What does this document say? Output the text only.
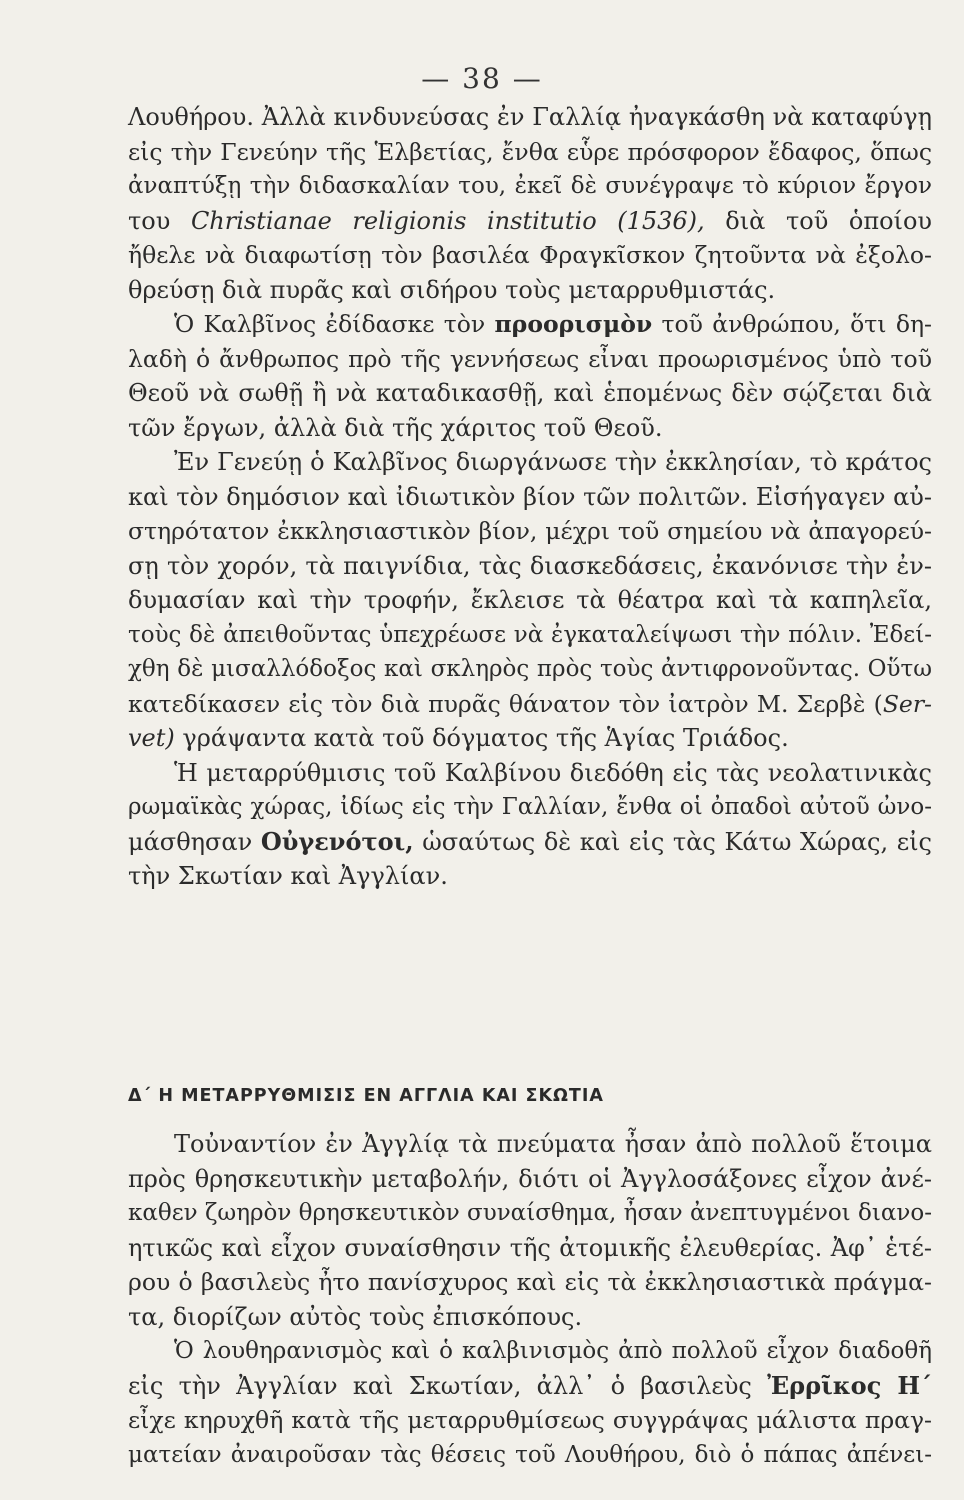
— 38 —
Λουθήρου. Ἀλλὰ κινδυνεύσας ἐν Γαλλίᾳ ἠναγκάσθη νὰ καταφύγῃ
εἰς τὴν Γενεύην τῆς Ἑλβετίας, ἔνθα εὗρε πρόσφορον ἔδαφος, ὅπως
ἀναπτύξῃ τὴν διδασκαλίαν του, ἐκεῖ δὲ συνέγραψε τὸ κύριον ἔργον
του Christianae religionis institutio (1536), διὰ τοῦ ὁποίου
ἤθελε νὰ διαφωτίσῃ τὸν βασιλέα Φραγκῖσκον ζητοῦντα νὰ ἐξολο-
θρεύσῃ διὰ πυρᾶς καὶ σιδήρου τοὺς μεταρρυθμιστάς.
Ὁ Καλβῖνος ἐδίδασκε τὸν προορισμὸν τοῦ ἀνθρώπου, ὅτι δη-
λαδὴ ὁ ἄνθρωπος πρὸ τῆς γεννήσεως εἶναι προωρισμένος ὑπὸ τοῦ
Θεοῦ νὰ σωθῇ ἢ νὰ καταδικασθῇ, καὶ ἑπομένως δὲν σῴζεται διὰ
τῶν ἔργων, ἀλλὰ διὰ τῆς χάριτος τοῦ Θεοῦ.
Ἐν Γενεύῃ ὁ Καλβῖνος διωργάνωσε τὴν ἐκκλησίαν, τὸ κράτος
καὶ τὸν δημόσιον καὶ ἰδιωτικὸν βίον τῶν πολιτῶν. Εἰσήγαγεν αὐ-
στηρότατον ἐκκλησιαστικὸν βίον, μέχρι τοῦ σημείου νὰ ἀπαγορεύ-
σῃ τὸν χορόν, τὰ παιγνίδια, τὰς διασκεδάσεις, ἐκανόνισε τὴν ἐν-
δυμασίαν καὶ τὴν τροφήν, ἔκλεισε τὰ θέατρα καὶ τὰ καπηλεῖα,
τοὺς δὲ ἀπειθοῦντας ὑπεχρέωσε νὰ ἐγκαταλείψωσι τὴν πόλιν. Ἐδεί-
χθη δὲ μισαλλόδοξος καὶ σκληρὸς πρὸς τοὺς ἀντιφρονοῦντας. Οὕτω
κατεδίκασεν εἰς τὸν διὰ πυρᾶς θάνατον τὸν ἰατρὸν Μ. Σερβὲ (Ser-
vet) γράψαντα κατὰ τοῦ δόγματος τῆς Ἁγίας Τριάδος.
Ἡ μεταρρύθμισις τοῦ Καλβίνου διεδόθη εἰς τὰς νεολατινικὰς
ρωμαϊκὰς χώρας, ἰδίως εἰς τὴν Γαλλίαν, ἔνθα οἱ ὀπαδοὶ αὐτοῦ ὠνο-
μάσθησαν Οὐγενότοι, ὡσαύτως δὲ καὶ εἰς τὰς Κάτω Χώρας, εἰς
τὴν Σκωτίαν καὶ Ἀγγλίαν.
Δ΄ Η ΜΕΤΑΡΡΥΘΜΙΣΙΣ ΕΝ ΑΓΓΛΙΑ ΚΑΙ ΣΚΩΤΙΑ
Τοὐναντίον ἐν Ἀγγλίᾳ τὰ πνεύματα ἦσαν ἀπὸ πολλοῦ ἕτοιμα
πρὸς θρησκευτικὴν μεταβολήν, διότι οἱ Ἀγγλοσάξονες εἶχον ἀνέ-
καθεν ζωηρὸν θρησκευτικὸν συναίσθημα, ἦσαν ἀνεπτυγμένοι διανο-
ητικῶς καὶ εἶχον συναίσθησιν τῆς ἀτομικῆς ἐλευθερίας. Ἀφ᾿ ἑτέ-
ρου ὁ βασιλεὺς ἦτο πανίσχυρος καὶ εἰς τὰ ἐκκλησιαστικὰ πράγμα-
τα, διορίζων αὐτὸς τοὺς ἐπισκόπους.
Ὁ λουθηρανισμὸς καὶ ὁ καλβινισμὸς ἀπὸ πολλοῦ εἶχον διαδοθῆ
εἰς τὴν Ἀγγλίαν καὶ Σκωτίαν, ἀλλ᾿ ὁ βασιλεὺς Ἐρρῖκος Η΄
εἶχε κηρυχθῆ κατὰ τῆς μεταρρυθμίσεως συγγράψας μάλιστα πραγ-
ματείαν ἀναιροῦσαν τὰς θέσεις τοῦ Λουθήρου, διὸ ὁ πάπας ἀπένει-
